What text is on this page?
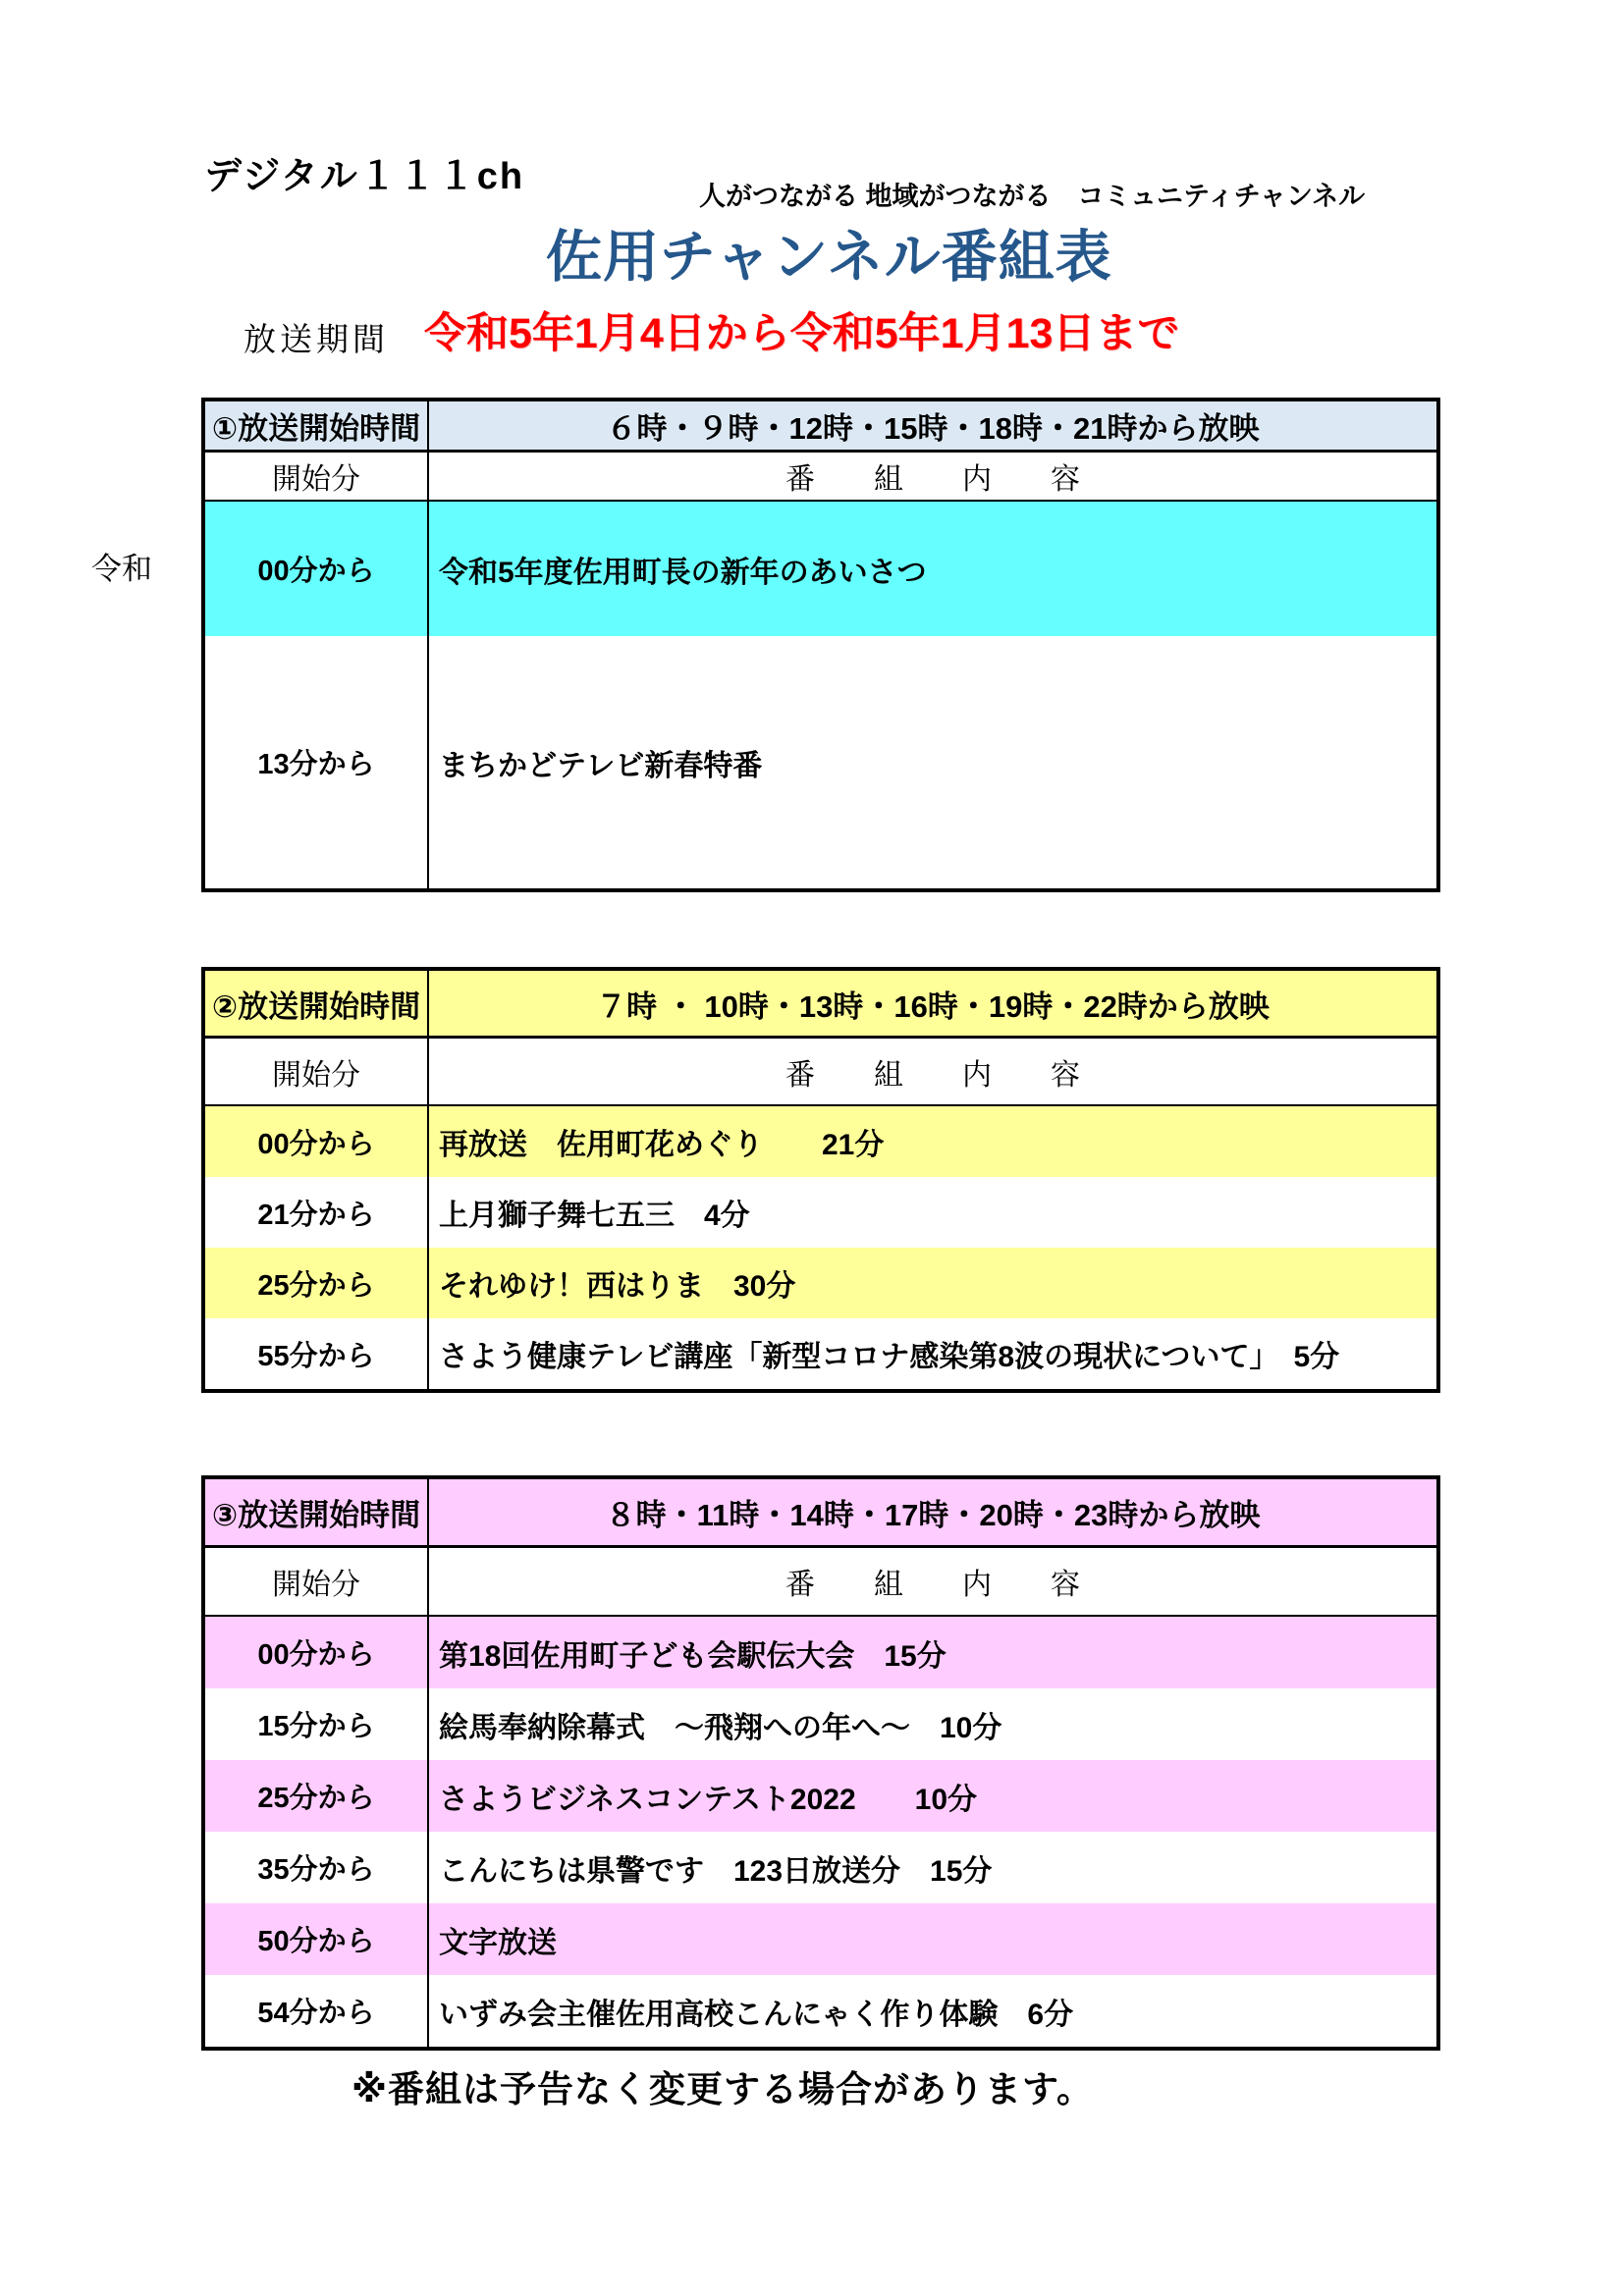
デジタル１１１ch	人がつながる 地域がつながる　コミュニティチャンネル
佐用チャンネル番組表
放送期間 令和5年1月4日から令和5年1月13日まで
令和
①放送開始時間	６時・９時・12時・15時・18時・21時から放映
開始分	番　　組　　内　　容
00分から	令和5年度佐用町長の新年のあいさつ
13分から	まちかどテレビ新春特番
②放送開始時間	７時 ・ 10時・13時・16時・19時・22時から放映
開始分	番　　組　　内　　容
00分から	再放送　佐用町花めぐり　　21分
21分から	上月獅子舞七五三　4分
25分から	それゆけ！西はりま　30分
55分から	さよう健康テレビ講座「新型コロナ感染第8波の現状について」　5分
③放送開始時間	８時・11時・14時・17時・20時・23時から放映
開始分	番　　組　　内　　容
00分から	第18回佐用町子ども会駅伝大会　15分
15分から	絵馬奉納除幕式　～飛翔への年へ～　10分
25分から	さようビジネスコンテスト2022　　10分
35分から	こんにちは県警です　123日放送分　15分
50分から	文字放送
54分から	いずみ会主催佐用高校こんにゃく作り体験　6分
※番組は予告なく変更する場合があります。
